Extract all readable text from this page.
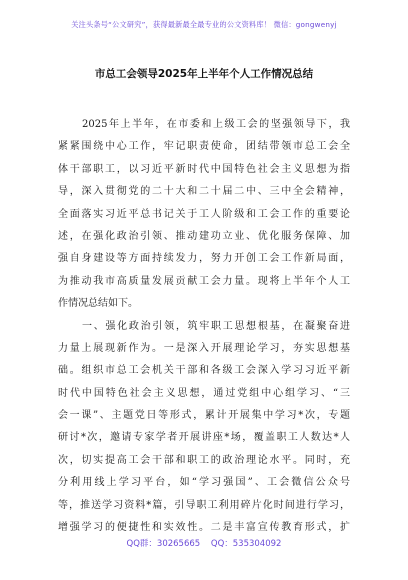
关注头条号“公文研究”，获得最新最全最专业的公文资料库！ 微信：gongwenyj
市总工会领导2025年上半年个人工作情况总结
2025年上半年，在市委和上级工会的坚强领导下，我
紧紧围绕中心工作，牢记职责使命，团结带领市总工会全
体干部职工，以习近平新时代中国特色社会主义思想为指
导，深入贯彻党的二十大和二十届二中、三中全会精神，
全面落实习近平总书记关于工人阶级和工会工作的重要论
述，在强化政治引领、推动建功立业、优化服务保障、加
强自身建设等方面持续发力，努力开创工会工作新局面，
为推动我市高质量发展贡献工会力量。现将上半年个人工
作情况总结如下。
一、强化政治引领，筑牢职工思想根基，在凝聚奋进
力量上展现新作为。一是深入开展理论学习，夯实思想基
础。组织市总工会机关干部和各级工会深入学习习近平新
时代中国特色社会主义思想，通过党组中心组学习、“三
会一课”、主题党日等形式，累计开展集中学习*次，专题
研讨*次，邀请专家学者开展讲座*场，覆盖职工人数达*人
次，切实提高工会干部和职工的政治理论水平。同时，充
分利用线上学习平台，如“学习强国”、工会微信公众号
等，推送学习资料*篇，引导职工利用碎片化时间进行学习，
增强学习的便捷性和实效性。二是丰富宣传教育形式，扩
QQ群：30265665 QQ：535304092
